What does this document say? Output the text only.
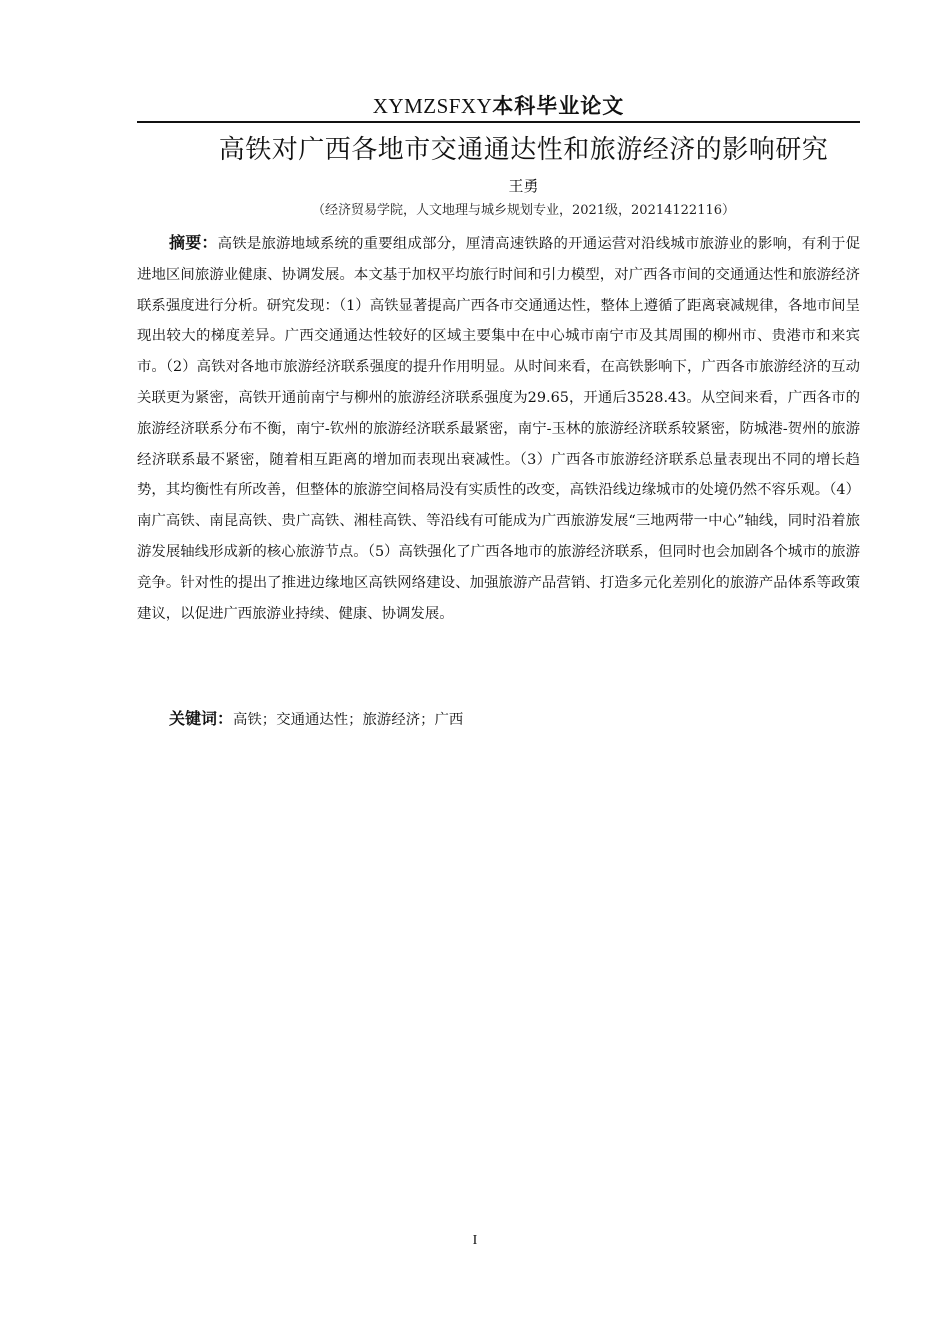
XYMZSFXY本科毕业论文
高铁对广西各地市交通通达性和旅游经济的影响研究
王勇
（经济贸易学院，人文地理与城乡规划专业，2021级，20214122116）

摘要：高铁是旅游地域系统的重要组成部分，厘清高速铁路的开通运营对沿线城市旅游业的影响，有利于促进地区间旅游业健康、协调发展。本文基于加权平均旅行时间和引力模型，对广西各市间的交通通达性和旅游经济联系强度进行分析。研究发现：（1）高铁显著提高广西各市交通通达性，整体上遵循了距离衰减规律，各地市间呈现出较大的梯度差异。广西交通通达性较好的区域主要集中在中心城市南宁市及其周围的柳州市、贵港市和来宾市。（2）高铁对各地市旅游经济联系强度的提升作用明显。从时间来看，在高铁影响下，广西各市旅游经济的互动关联更为紧密，高铁开通前南宁与柳州的旅游经济联系强度为29.65，开通后3528.43。从空间来看，广西各市的旅游经济联系分布不衡，南宁-钦州的旅游经济联系最紧密，南宁-玉林的旅游经济联系较紧密，防城港-贺州的旅游经济联系最不紧密，随着相互距离的增加而表现出衰减性。（3）广西各市旅游经济联系总量表现出不同的增长趋势，其均衡性有所改善，但整体的旅游空间格局没有实质性的改变，高铁沿线边缘城市的处境仍然不容乐观。（4）南广高铁、南昆高铁、贵广高铁、湘桂高铁、等沿线有可能成为广西旅游发展“三地两带一中心”轴线，同时沿着旅游发展轴线形成新的核心旅游节点。（5）高铁强化了广西各地市的旅游经济联系，但同时也会加剧各个城市的旅游竞争。针对性的提出了推进边缘地区高铁网络建设、加强旅游产品营销、打造多元化差别化的旅游产品体系等政策建议，以促进广西旅游业持续、健康、协调发展。

关键词：高铁；交通通达性；旅游经济；广西

I
